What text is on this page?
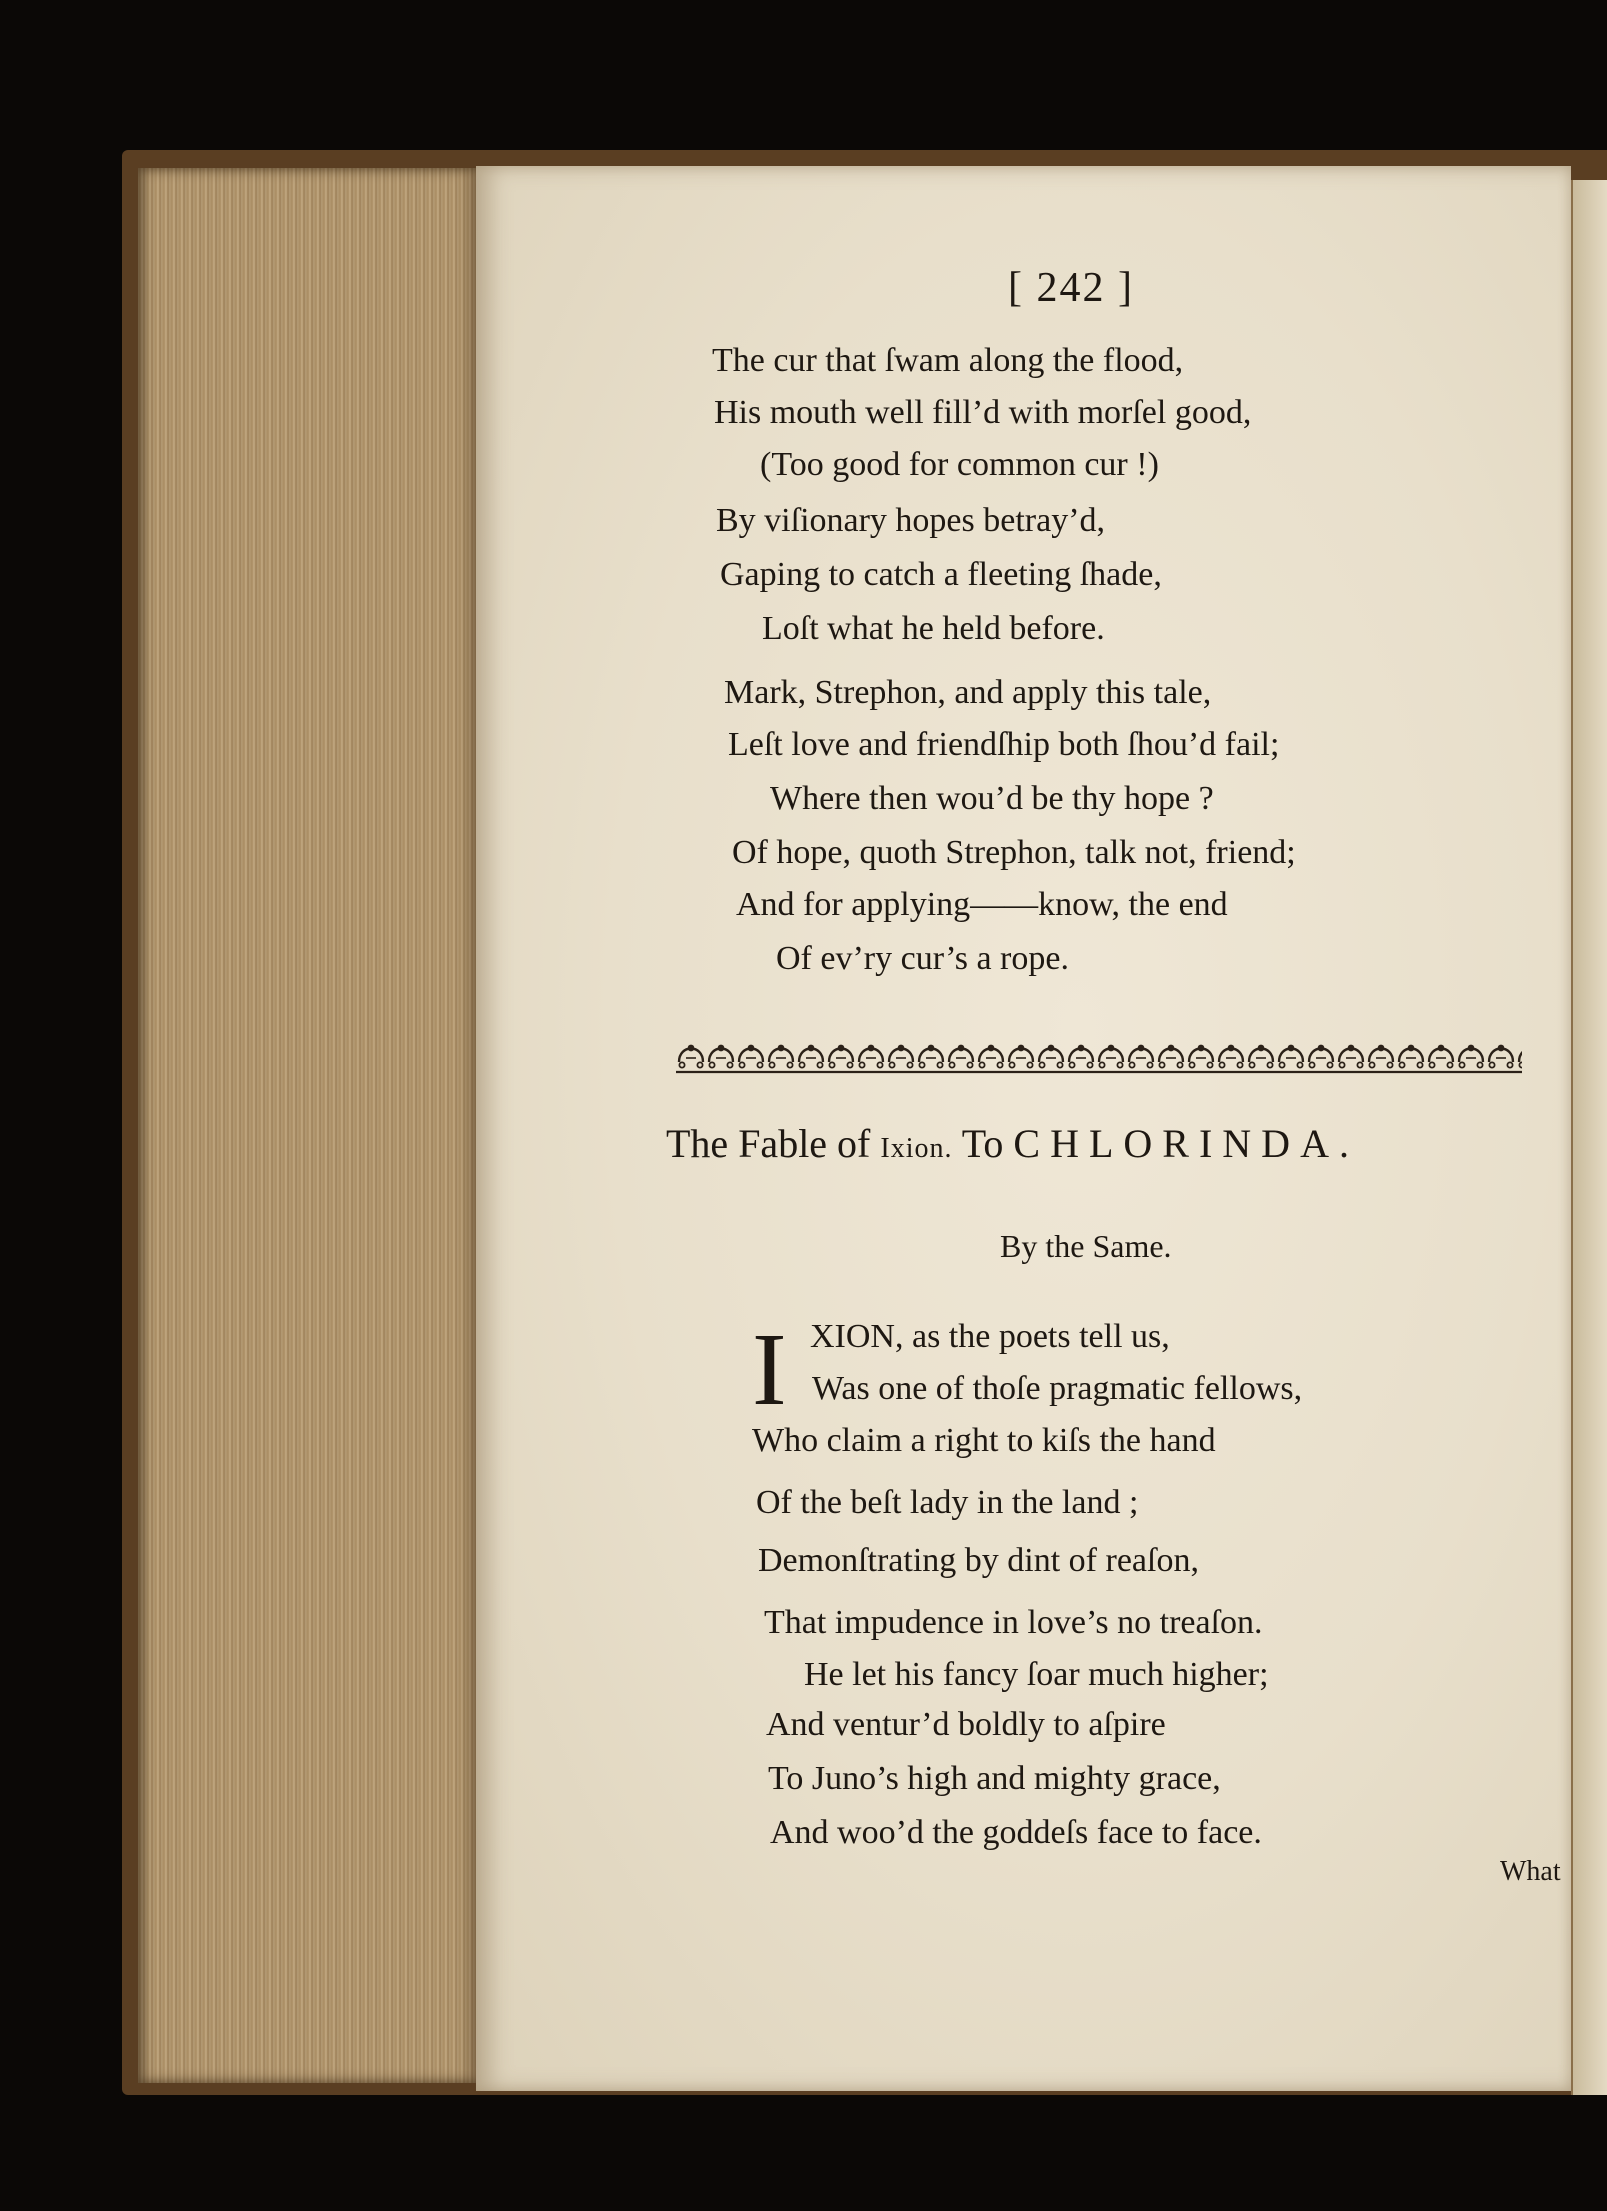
[ 242 ]
The cur that ſwam along the flood,
His mouth well fill’d with morſel good,
(Too good for common cur !)
By viſionary hopes betray’d,
Gaping to catch a fleeting ſhade,
Loſt what he held before.
Mark, Strephon, and apply this tale,
Leſt love and friendſhip both ſhou’d fail;
Where then wou’d be thy hope ?
Of hope, quoth Strephon, talk not, friend;
And for applying——know, the end
Of ev’ry cur’s a rope.
The Fable of Ixion. To CHLORINDA.
By the Same.
I XION, as the poets tell us,
Was one of thoſe pragmatic fellows,
Who claim a right to kiſs the hand
Of the beſt lady in the land ;
Demonſtrating by dint of reaſon,
That impudence in love’s no treaſon.
He let his fancy ſoar much higher;
And ventur’d boldly to aſpire
To Juno’s high and mighty grace,
And woo’d the goddeſs face to face.
What
